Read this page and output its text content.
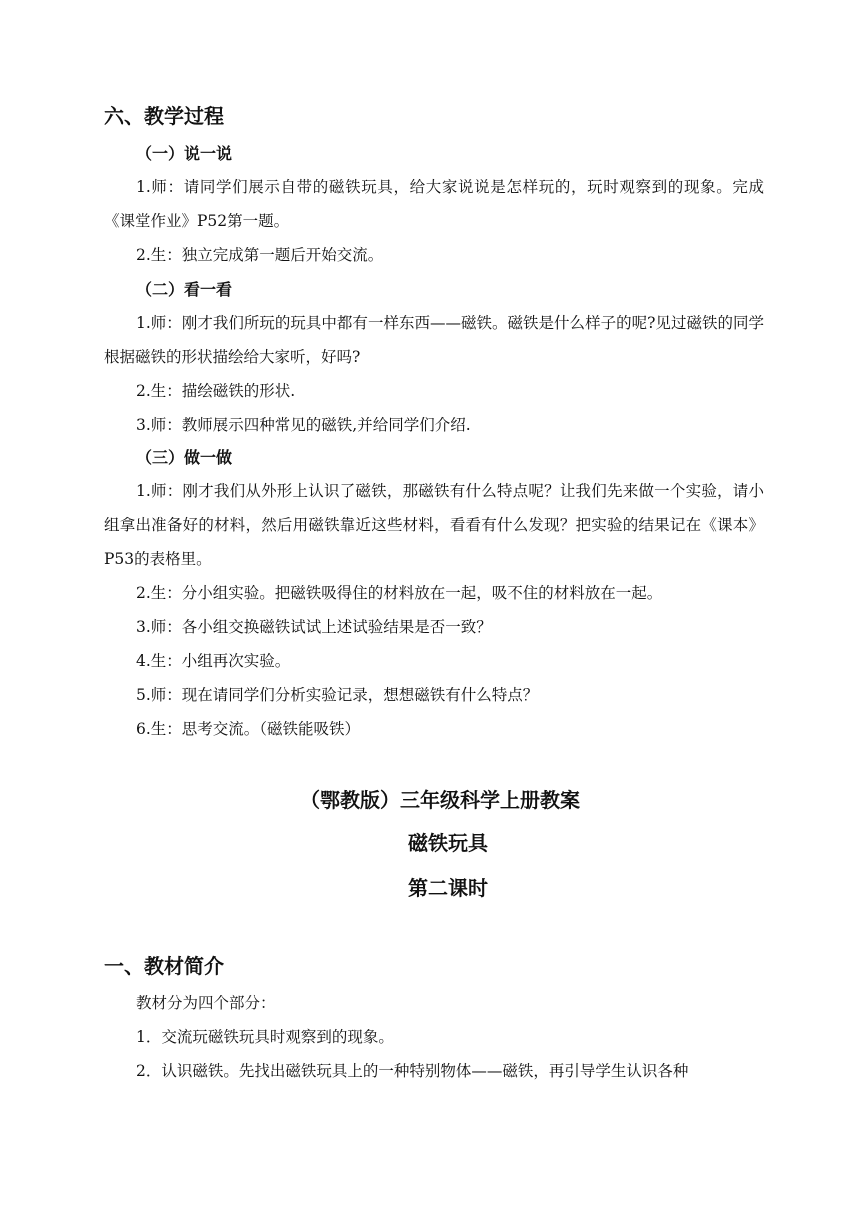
六、教学过程
（一）说一说

1.师：请同学们展示自带的磁铁玩具，给大家说说是怎样玩的，玩时观察到的现象。完成《课堂作业》P52第一题。

2.生：独立完成第一题后开始交流。

（二）看一看

1.师：刚才我们所玩的玩具中都有一样东西——磁铁。磁铁是什么样子的呢?见过磁铁的同学根据磁铁的形状描绘给大家听，好吗?

2.生：描绘磁铁的形状.

3.师：教师展示四种常见的磁铁,并给同学们介绍.

（三）做一做

1.师：刚才我们从外形上认识了磁铁，那磁铁有什么特点呢？让我们先来做一个实验，请小组拿出准备好的材料，然后用磁铁靠近这些材料，看看有什么发现？把实验的结果记在《课本》P53的表格里。

2.生：分小组实验。把磁铁吸得住的材料放在一起，吸不住的材料放在一起。

3.师：各小组交换磁铁试试上述试验结果是否一致？

4.生：小组再次实验。

5.师：现在请同学们分析实验记录，想想磁铁有什么特点？

6.生：思考交流。（磁铁能吸铁）

（鄂教版）三年级科学上册教案
磁铁玩具
第二课时
一、教材简介

教材分为四个部分：

1．交流玩磁铁玩具时观察到的现象。

2．认识磁铁。先找出磁铁玩具上的一种特别物体——磁铁，再引导学生认识各种
